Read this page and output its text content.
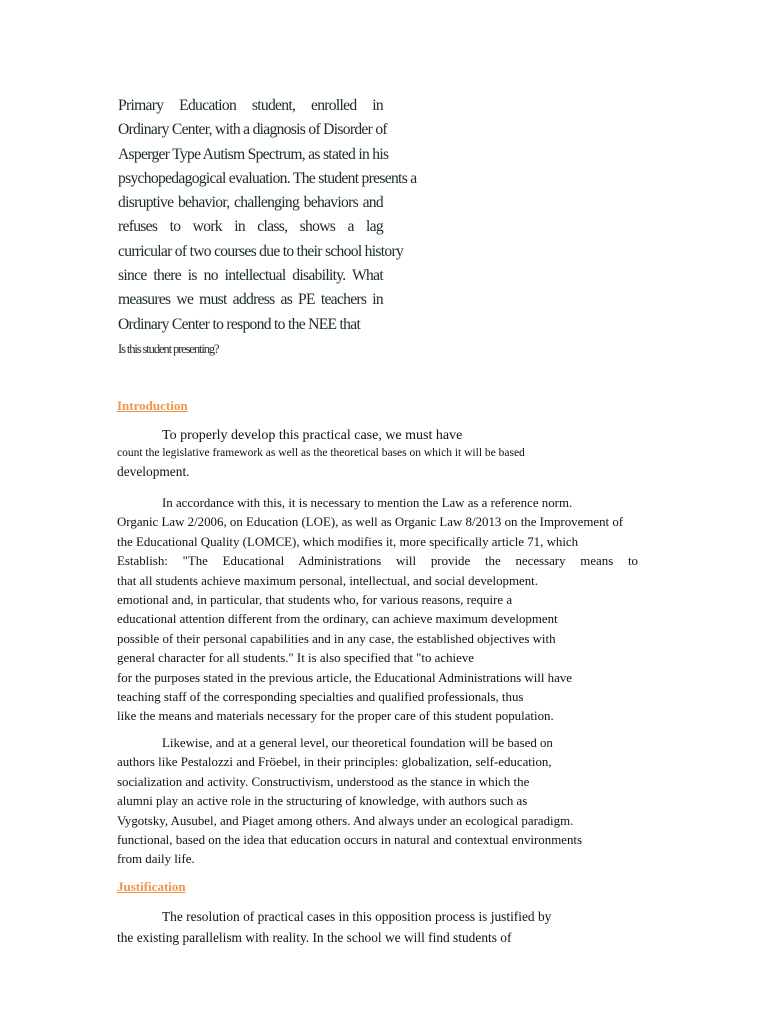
Primary Education student, enrolled in
Ordinary Center, with a diagnosis of Disorder of
Asperger Type Autism Spectrum, as stated in his
psychopedagogical evaluation. The student presents a
disruptive behavior, challenging behaviors and
refuses to work in class, shows a lag
curricular of two courses due to their school history
since there is no intellectual disability. What
measures we must address as PE teachers in
Ordinary Center to respond to the NEE that
Is this student presenting?
Introduction
To properly develop this practical case, we must have
count the legislative framework as well as the theoretical bases on which it will be based
development.
In accordance with this, it is necessary to mention the Law as a reference norm.
Organic Law 2/2006, on Education (LOE), as well as Organic Law 8/2013 on the Improvement of
the Educational Quality (LOMCE), which modifies it, more specifically article 71, which
Establish: "The Educational Administrations will provide the necessary means to
that all students achieve maximum personal, intellectual, and social development.
emotional and, in particular, that students who, for various reasons, require a
educational attention different from the ordinary, can achieve maximum development
possible of their personal capabilities and in any case, the established objectives with
general character for all students." It is also specified that "to achieve
for the purposes stated in the previous article, the Educational Administrations will have
teaching staff of the corresponding specialties and qualified professionals, thus
like the means and materials necessary for the proper care of this student population.
Likewise, and at a general level, our theoretical foundation will be based on
authors like Pestalozzi and Fröebel, in their principles: globalization, self-education,
socialization and activity. Constructivism, understood as the stance in which the
alumni play an active role in the structuring of knowledge, with authors such as
Vygotsky, Ausubel, and Piaget among others. And always under an ecological paradigm.
functional, based on the idea that education occurs in natural and contextual environments
from daily life.
Justification
The resolution of practical cases in this opposition process is justified by
the existing parallelism with reality. In the school we will find students of
